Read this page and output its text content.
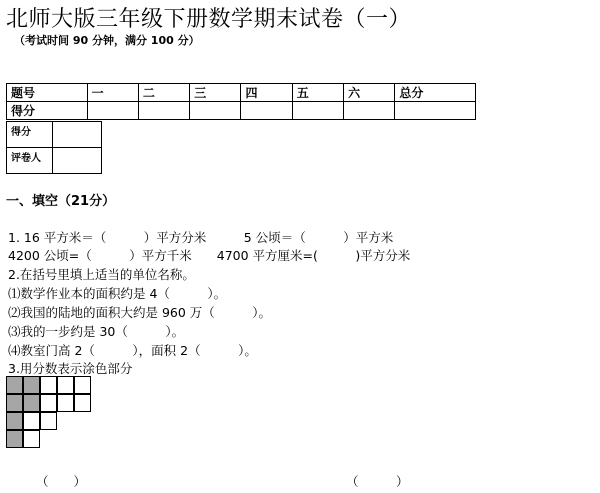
北师大版三年级下册数学期末试卷（一）
（考试时间 90 分钟，满分 100 分）
题号	一	二	三	四	五	六	总分
得分							
得分	
评卷人	
一、填空（21分）
1. 16 平方米＝（　　　）平方分米　　　5 公顷＝（　　　）平方米
4200 公顷=（　　　）平方千米　　4700 平方厘米=(　　　)平方分米
2.在括号里填上适当的单位名称。
⑴数学作业本的面积约是 4（　　　）。
⑵我国的陆地的面积大约是 960 万（　　　）。
⑶我的一步约是 30（　　　）。
⑷教室门高 2（　　　），面积 2（　　　）。
3.用分数表示涂色部分
（　　）	（　　　）
